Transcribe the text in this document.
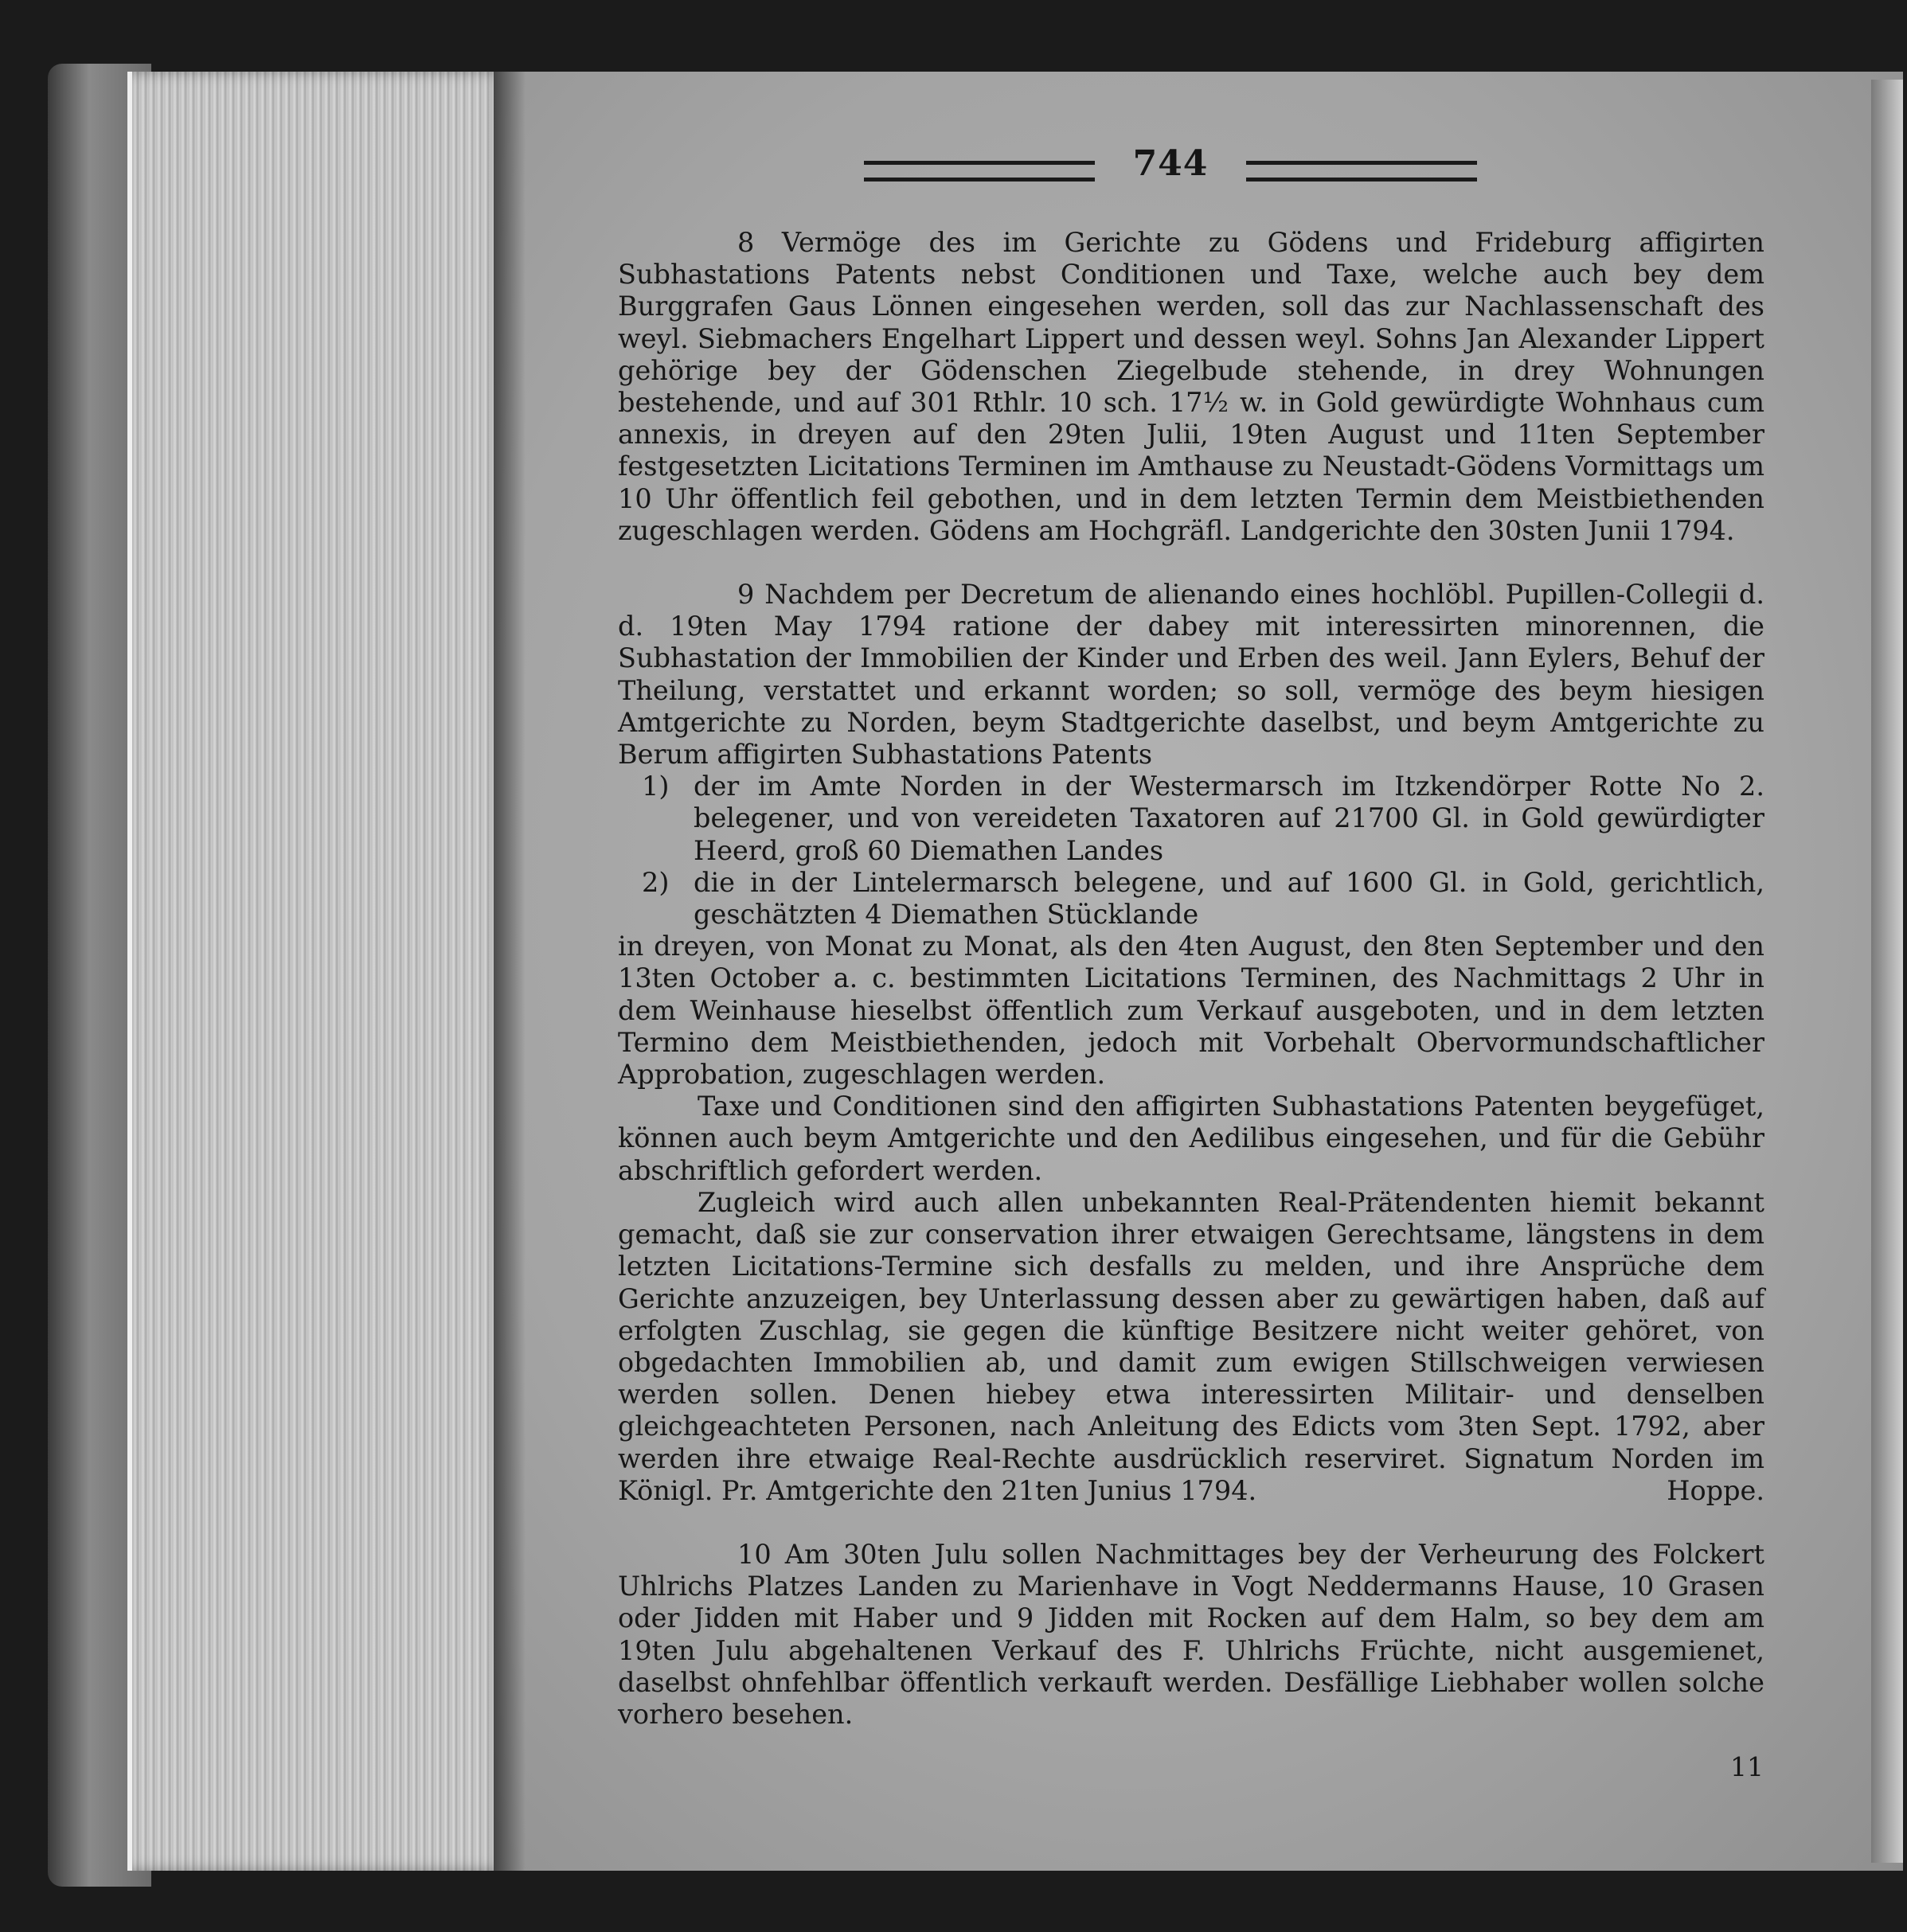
744

8 Vermöge des im Gerichte zu Gödens und Frideburg affigirten Subhastations Patents nebst Conditionen und Taxe, welche auch bey dem Burggrafen Gaus Lönnen eingesehen werden, soll das zur Nachlassenschaft des weyl. Siebmachers Engelhart Lippert und dessen weyl. Sohns Jan Alexander Lippert gehörige bey der Gödenschen Ziegelbude stehende, in drey Wohnungen bestehende, und auf 301 Rthlr. 10 sch. 17½ w. in Gold gewürdigte Wohnhaus cum annexis, in dreyen auf den 29ten Julii, 19ten August und 11ten September festgesetzten Licitations Terminen im Amthause zu Neustadt-Gödens Vormittags um 10 Uhr öffentlich feil gebothen, und in dem letzten Termin dem Meistbiethenden zugeschlagen werden. Gödens am Hochgräfl. Landgerichte den 30sten Junii 1794.

9 Nachdem per Decretum de alienando eines hochlöbl. Pupillen-Collegii d. d. 19ten May 1794 ratione der dabey mit interessirten minorennen, die Subhastation der Immobilien der Kinder und Erben des weil. Jann Eylers, Behuf der Theilung, verstattet und erkannt worden; so soll, vermöge des beym hiesigen Amtgerichte zu Norden, beym Stadtgerichte daselbst, und beym Amtgerichte zu Berum affigirten Subhastations Patents

1) der im Amte Norden in der Westermarsch im Itzkendörper Rotte No 2. belegener, und von vereideten Taxatoren auf 21700 Gl. in Gold gewürdigter Heerd, groß 60 Diemathen Landes
2) die in der Lintelermarsch belegene, und auf 1600 Gl. in Gold, gerichtlich, geschätzten 4 Diemathen Stücklande

in dreyen, von Monat zu Monat, als den 4ten August, den 8ten September und den 13ten October a. c. bestimmten Licitations Terminen, des Nachmittags 2 Uhr in dem Weinhause hieselbst öffentlich zum Verkauf ausgeboten, und in dem letzten Termino dem Meistbiethenden, jedoch mit Vorbehalt Obervormundschaftlicher Approbation, zugeschlagen werden.

Taxe und Conditionen sind den affigirten Subhastations Patenten beygefüget, können auch beym Amtgerichte und den Aedilibus eingesehen, und für die Gebühr abschriftlich gefordert werden.

Zugleich wird auch allen unbekannten Real-Prätendenten hiemit bekannt gemacht, daß sie zur conservation ihrer etwaigen Gerechtsame, längstens in dem letzten Licitations-Termine sich desfalls zu melden, und ihre Ansprüche dem Gerichte anzuzeigen, bey Unterlassung dessen aber zu gewärtigen haben, daß auf erfolgten Zuschlag, sie gegen die künftige Besitzere nicht weiter gehöret, von obgedachten Immobilien ab, und damit zum ewigen Stillschweigen verwiesen werden sollen. Denen hiebey etwa interessirten Militair- und denselben gleichgeachteten Personen, nach Anleitung des Edicts vom 3ten Sept. 1792, aber werden ihre etwaige Real-Rechte ausdrücklich reserviret. Signatum Norden im Königl. Pr. Amtgerichte den 21ten Junius 1794.	Hoppe.

10 Am 30ten Julu sollen Nachmittages bey der Verheurung des Folckert Uhlrichs Platzes Landen zu Marienhave in Vogt Neddermanns Hause, 10 Grasen oder Jidden mit Haber und 9 Jidden mit Rocken auf dem Halm, so bey dem am 19ten Julu abgehaltenen Verkauf des F. Uhlrichs Früchte, nicht ausgemienet, daselbst ohnfehlbar öffentlich verkauft werden. Desfällige Liebhaber wollen solche vorhero besehen.

11
